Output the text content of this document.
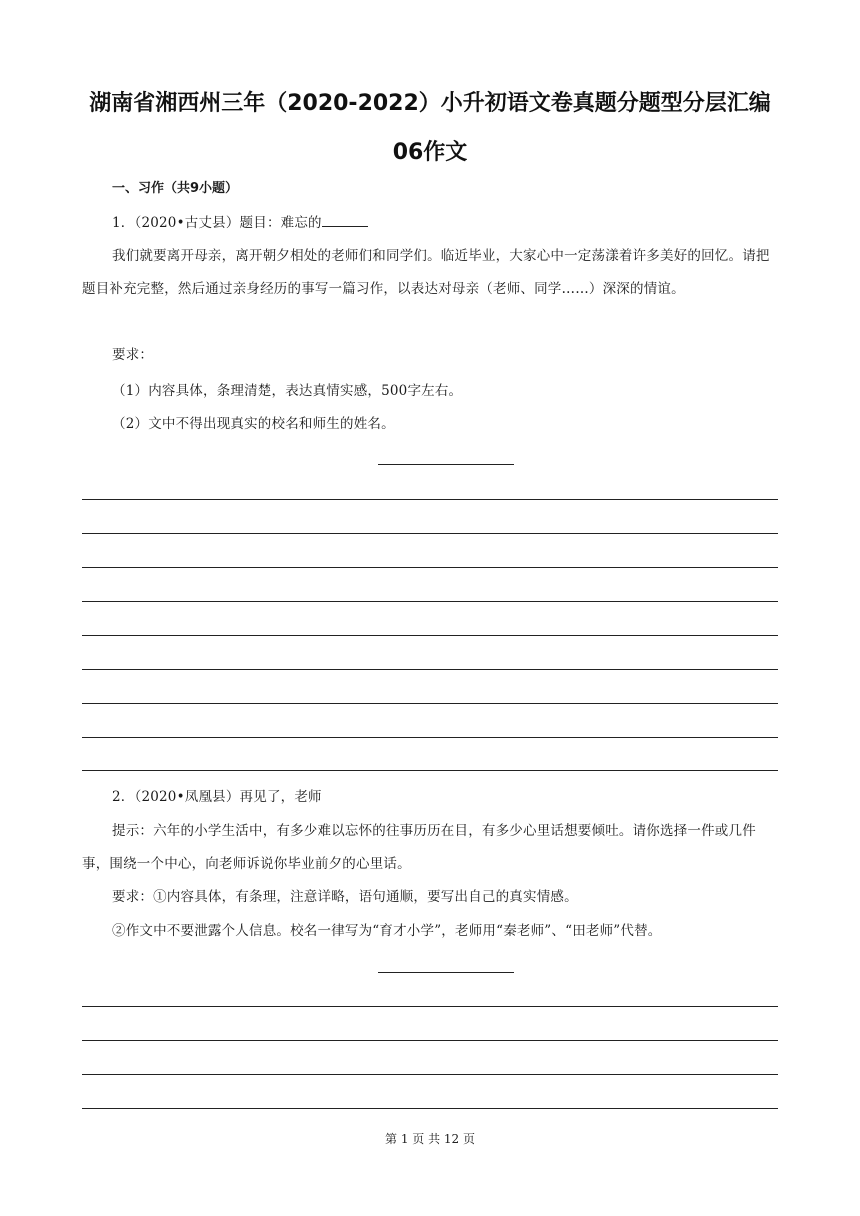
湖南省湘西州三年（2020-2022）小升初语文卷真题分题型分层汇编
06作文
一、习作（共9小题）

1．（2020•古丈县）题目：难忘的

我们就要离开母亲，离开朝夕相处的老师们和同学们。临近毕业，大家心中一定荡漾着许多美好的回忆。请把题目补充完整，然后通过亲身经历的事写一篇习作，以表达对母亲（老师、同学……）深深的情谊。

要求：

（1）内容具体，条理清楚，表达真情实感，500字左右。

（2）文中不得出现真实的校名和师生的姓名。

2．（2020•凤凰县）再见了，老师

提示：六年的小学生活中，有多少难以忘怀的往事历历在目，有多少心里话想要倾吐。请你选择一件或几件事，围绕一个中心，向老师诉说你毕业前夕的心里话。

要求：①内容具体，有条理，注意详略，语句通顺，要写出自己的真实情感。

②作文中不要泄露个人信息。校名一律写为“育才小学”，老师用“秦老师”、“田老师”代替。

第 1 页 共 12 页
